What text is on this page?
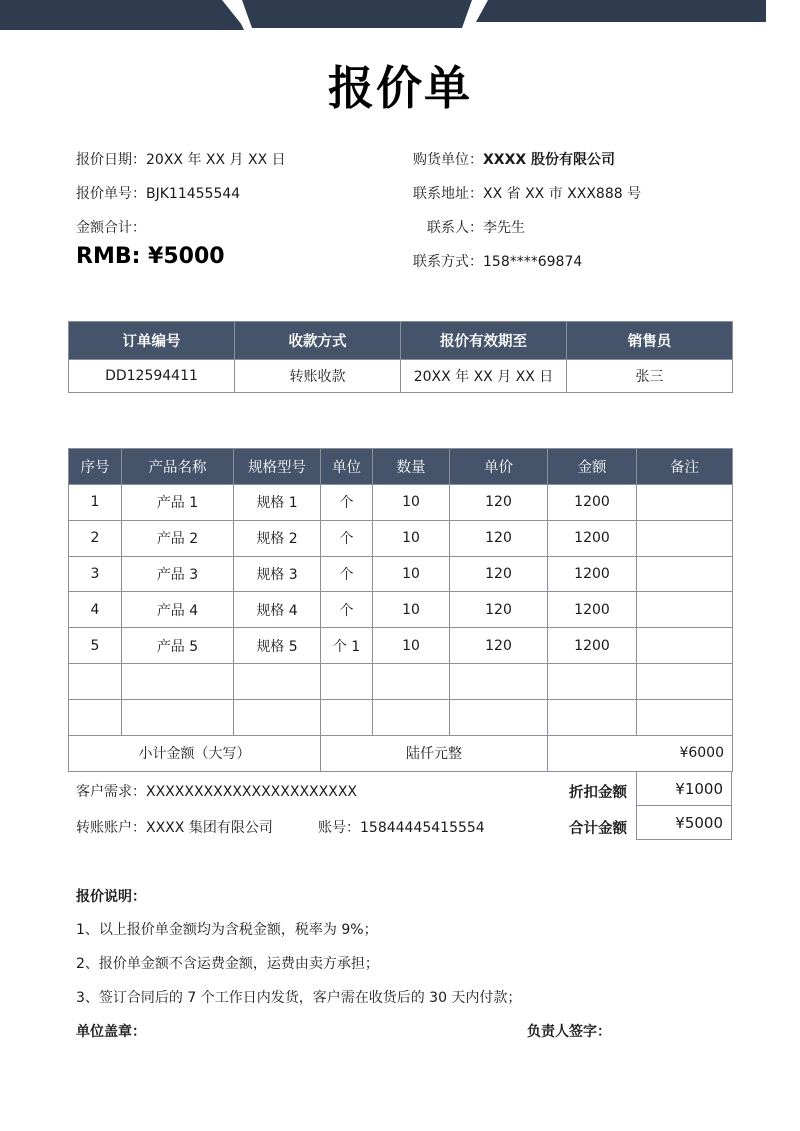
报价单
报价日期：20XX 年 XX 月 XX 日
报价单号：BJK11455544
金额合计：
RMB: ¥5000
购货单位：XXXX 股份有限公司
联系地址：XX 省 XX 市 XXX888 号
联系人：李先生
联系方式：158****69874
订单编号	收款方式	报价有效期至	销售员
DD12594411	转账收款	20XX 年 XX 月 XX 日	张三
序号	产品名称	规格型号	单位	数量	单价	金额	备注
1	产品 1	规格 1	个	10	120	1200	
2	产品 2	规格 2	个	10	120	1200	
3	产品 3	规格 3	个	10	120	1200	
4	产品 4	规格 4	个	10	120	1200	
5	产品 5	规格 5	个 1	10	120	1200	

小计金额（大写）			陆仟元整			¥6000	
客户需求：XXXXXXXXXXXXXXXXXXXXXX
转账账户：XXXX 集团有限公司	账号：15844445415554
折扣金额	¥1000
合计金额	¥5000
报价说明：
1、以上报价单金额均为含税金额，税率为 9%；
2、报价单金额不含运费金额，运费由卖方承担；
3、签订合同后的 7 个工作日内发货，客户需在收货后的 30 天内付款；
单位盖章：	负责人签字：
